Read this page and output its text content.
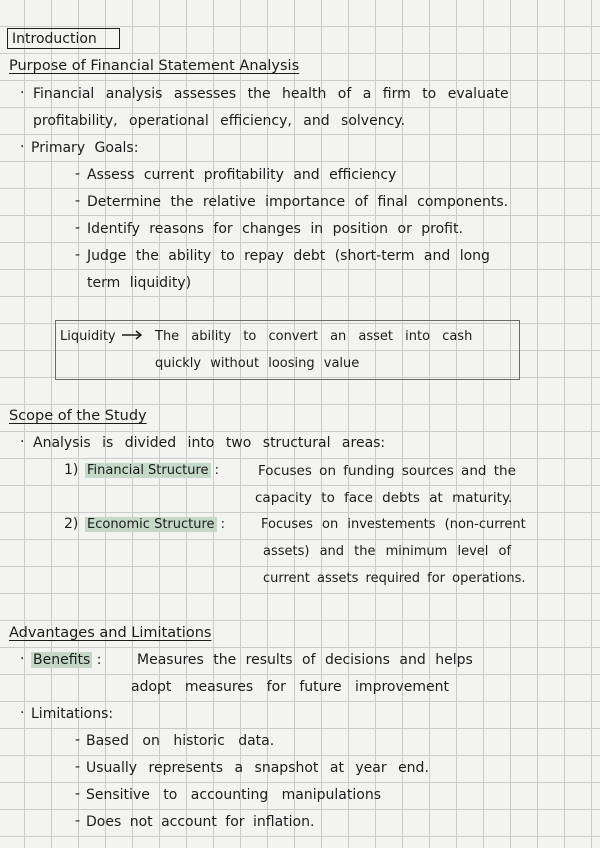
Introduction
Purpose of Financial Statement Analysis
· Financial analysis assesses the health of a firm to evaluate
profitability, operational efficiency, and solvency.
· Primary Goals:
- Assess current profitability and efficiency
- Determine the relative importance of final components.
- Identify reasons for changes in position or profit.
- Judge the ability to repay debt (short-term and long
term liquidity)
Liquidity	The ability to convert an asset into cash
quickly without loosing value
Scope of the Study
· Analysis is divided into two structural areas:
1) Financial Structure :	Focuses on funding sources and the
capacity to face debts at maturity.
2) Economic Structure :	Focuses on investements (non-current
assets) and the minimum level of
current assets required for operations.
Advantages and Limitations
· Benefits :	Measures the results of decisions and helps
adopt measures for future improvement
· Limitations:
- Based on historic data.
- Usually represents a snapshot at year end.
- Sensitive to accounting manipulations
- Does not account for inflation.
